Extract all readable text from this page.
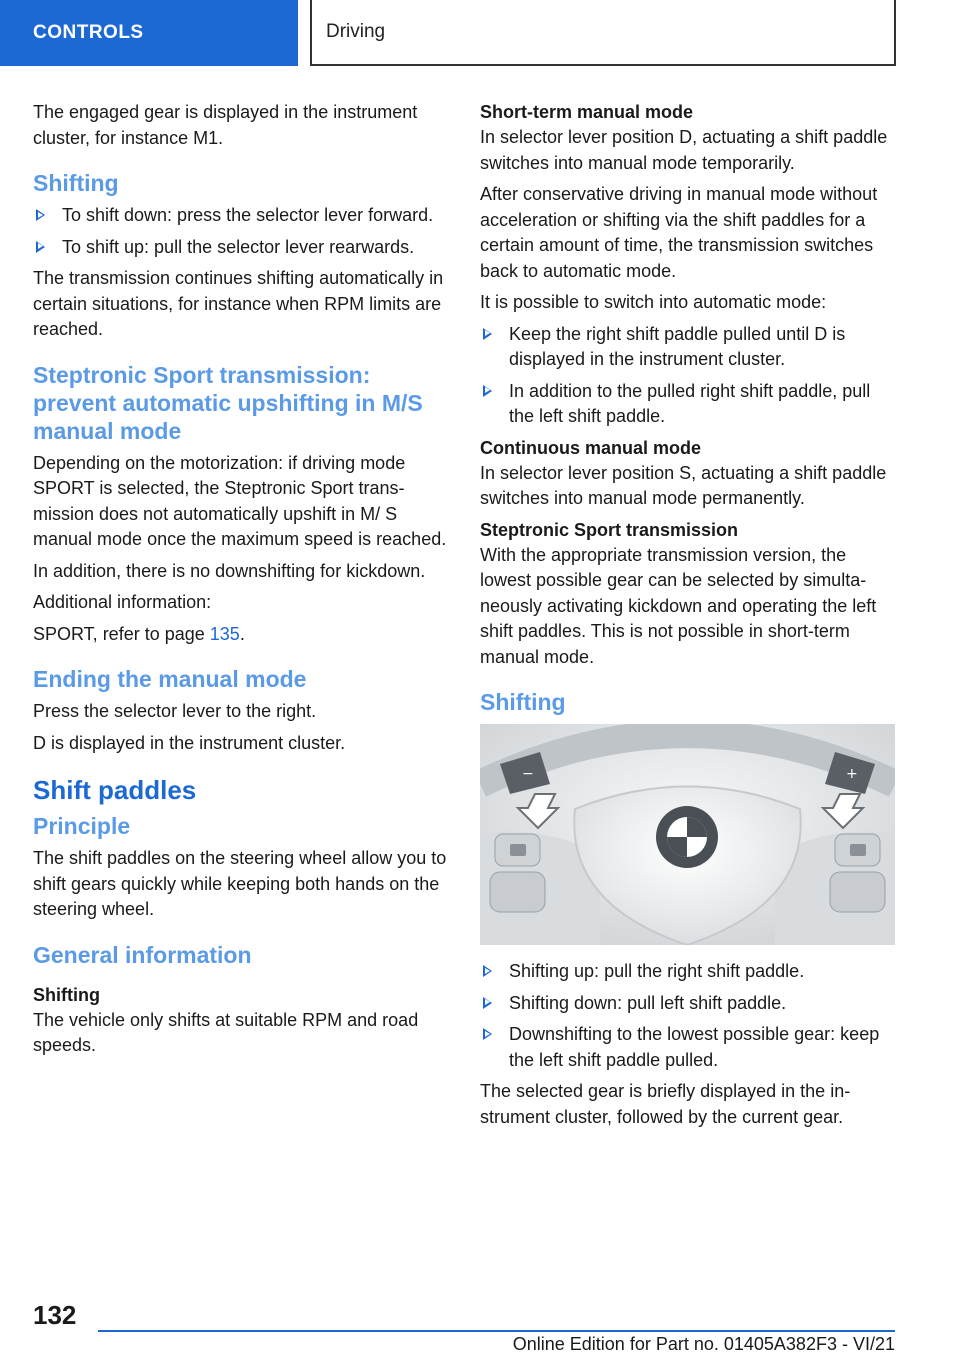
CONTROLS	Driving

The engaged gear is displayed in the instrument cluster, for instance M1.

Shifting
To shift down: press the selector lever forward.
To shift up: pull the selector lever rearwards.

The transmission continues shifting automatically in certain situations, for instance when RPM limits are reached.

Steptronic Sport transmission: prevent automatic upshifting in M/S manual mode

Depending on the motorization: if driving mode SPORT is selected, the Steptronic Sport transmission does not automatically upshift in M/ S manual mode once the maximum speed is reached.

In addition, there is no downshifting for kickdown.

Additional information:

SPORT, refer to page 135.

Ending the manual mode

Press the selector lever to the right.

D is displayed in the instrument cluster.

Shift paddles
Principle

The shift paddles on the steering wheel allow you to shift gears quickly while keeping both hands on the steering wheel.

General information
Shifting

The vehicle only shifts at suitable RPM and road speeds.

Short-term manual mode

In selector lever position D, actuating a shift paddle switches into manual mode temporarily.

After conservative driving in manual mode without acceleration or shifting via the shift paddles for a certain amount of time, the transmission switches back to automatic mode.

It is possible to switch into automatic mode:

Keep the right shift paddle pulled until D is displayed in the instrument cluster.
In addition to the pulled right shift paddle, pull the left shift paddle.
Continuous manual mode

In selector lever position S, actuating a shift paddle switches into manual mode permanently.

Steptronic Sport transmission

With the appropriate transmission version, the lowest possible gear can be selected by simultaneously activating kickdown and operating the left shift paddles. This is not possible in short-term manual mode.

Shifting
−	+
Shifting up: pull the right shift paddle.
Shifting down: pull left shift paddle.
Downshifting to the lowest possible gear: keep the left shift paddle pulled.

The selected gear is briefly displayed in the instrument cluster, followed by the current gear.

132
Online Edition for Part no. 01405A382F3 - VI/21
